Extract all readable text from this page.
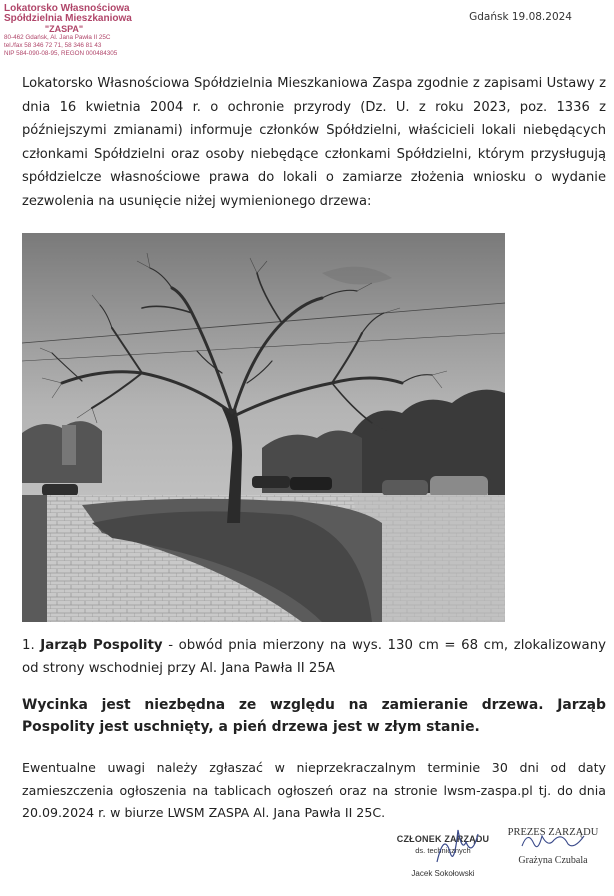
Lokatorsko Własnościowa
Spółdzielnia Mieszkaniowa
"ZASPA"
80-462 Gdańsk, Al. Jana Pawła II 25C
tel./fax 58 346 72 71, 58 346 81 43
NIP 584-090-08-95, REGON 000484305
Gdańsk 19.08.2024

Lokatorsko Własnościowa Spółdzielnia Mieszkaniowa Zaspa zgodnie z zapisami Ustawy z dnia 16 kwietnia 2004 r. o ochronie przyrody (Dz. U. z roku 2023, poz. 1336 z późniejszymi zmianami) informuje członków Spółdzielni, właścicieli lokali niebędących członkami Spółdzielni oraz osoby niebędące członkami Spółdzielni, którym przysługują spółdzielcze własnościowe prawa do lokali o zamiarze złożenia wniosku o wydanie zezwolenia na usunięcie niżej wymienionego drzewa:

1. Jarząb Pospolity - obwód pnia mierzony na wys. 130 cm = 68 cm, zlokalizowany od strony wschodniej przy Al. Jana Pawła II 25A

Wycinka jest niezbędna ze względu na zamieranie drzewa. Jarząb Pospolity jest uschnięty, a pień drzewa jest w złym stanie.

Ewentualne uwagi należy zgłaszać w nieprzekraczalnym terminie 30 dni od daty zamieszczenia ogłoszenia na tablicach ogłoszeń oraz na stronie lwsm-zaspa.pl tj. do dnia 20.09.2024 r. w biurze LWSM ZASPA Al. Jana Pawła II 25C.

CZŁONEK ZARZĄDU
ds. technicznych
Jacek Sokołowski
PREZES ZARZĄDU
Grażyna Czubala
